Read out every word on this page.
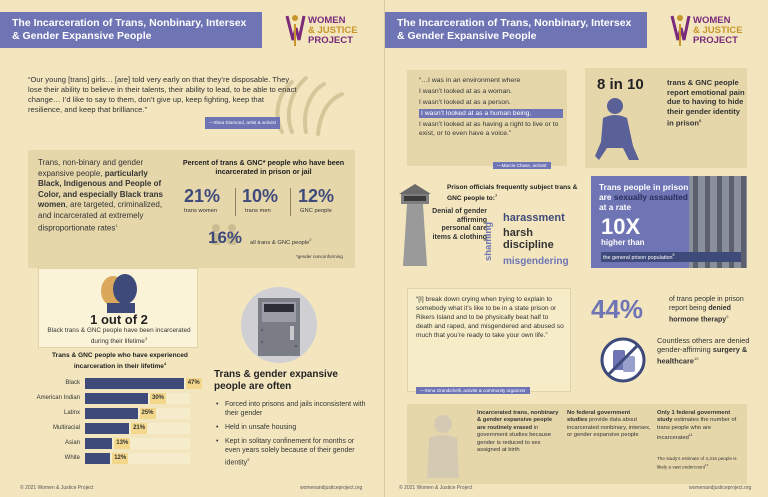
The Incarceration of Trans, Nonbinary, Intersex & Gender Expansive People
WOMEN
& JUSTICE
PROJECT
“Our young [trans] girls… [are] told very early on that they’re disposable. They lose their ability to believe in their talents, their ability to lead, to be able to enact change… I’d like to say to them, don’t give up, keep fighting, keep that resilience, and keep that brilliance.”
—Shea Diamond, artist & activist
Trans, non-binary and gender expansive people, particularly Black, Indigenous and People of Color, and especially Black trans women, are targeted, criminalized, and incarcerated at extremely disproportionate rates$^1$
Percent of trans & GNC* people who have been incarcerated in prison or jail
21%
trans women
10%
trans men
12%
GNC people
16% all trans & GNC people$^2$
*gender nonconforming
1 out of 2
Black trans & GNC people have been incarcerated during their lifetime$^3$
Trans & GNC people who have experienced incarceration in their lifetime$^4$
Black	47%
American Indian	30%
Latinx	25%
Multiracial	21%
Asian	13%
White	12%
Trans & gender expansive people are often
• Forced into prisons and jails inconsistent with their gender
• Held in unsafe housing
• Kept in solitary confinement for months or even years solely because of their gender identity$^5$
© 2021 Women & Justice Project	womenandjusticeproject.org
The Incarceration of Trans, Nonbinary, Intersex & Gender Expansive People
WOMEN
& JUSTICE
PROJECT
“…I was in an environment where
I wasn’t looked at as a woman.
I wasn’t looked at as a person.
I wasn’t looked at as a human being.
I wasn’t looked at as having a right to live or to exist, or to even have a voice.”
—Marcie Chase, activist
8 in 10	trans & GNC people report emotional pain due to having to hide their gender identity in prison$^6$
Prison officials frequently subject trans & GNC people to:$^7$
Denial of gender affirming personal care items & clothing
shaming
harassment
harsh discipline
misgendering
Trans people in prison are sexually assaulted at a rate
10X
higher than
the general prison population$^8$
“[I] break down crying when trying to explain to somebody what it’s like to be in a state prison or Rikers Island and to be physically beat half to death and raped, and misgendered and abused so much that you’re ready to take your own life.”
—Xena Grandichelli, activist & community organizer
44%	of trans people in prison report being denied hormone therapy$^9$
Countless others are denied gender-affirming surgery & healthcare$^{10}$
Incarcerated trans, nonbinary & gender expansive people are routinely erased in government studies because gender is reduced to sex assigned at birth
No federal government studies provide data about incarcerated nonbinary, intersex, or gender expansive people
Only 1 federal government study estimates the number of trans people who are incarcerated$^{11}$
The study’s estimate of 4,316 people is likely a vast undercount$^{12}$
© 2021 Women & Justice Project	womenandjusticeproject.org
